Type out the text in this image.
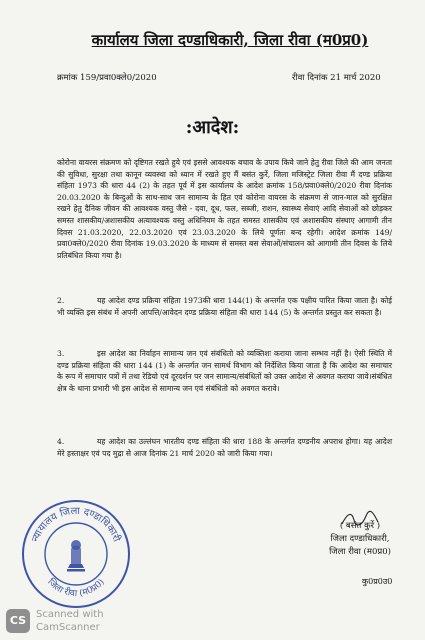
कार्यालय जिला दण्डाधिकारी, जिला रीवा (म0प्र0)
क्रमांक 159/प्रवा0क्ले0/2020	रीवा दिनांक 21 मार्च 2020
:आदेश:
कोरोना वायरस संक्रमण को दृष्टिगत रखते हुये एवं इससे आवश्यक बचाव के उपाय किये जाने हेतु रीवा जिले की आम जनता की सुविधा, सुरक्षा तथा कानून व्यवस्था को ध्यान में रखते हुए मैं बसंत कुर्रे, जिला मजिस्ट्रेट जिला रीवा मैं दण्ड प्रक्रिया संहिता 1973 की धारा 44 (2) के तहत पूर्व में इस कार्यालय के आदेश क्रमांक 158/प्रवा0क्ले0/2020 रीवा दिनांक 20.03.2020 के बिन्दुओं के साथ-साथ जन सामान्य के हित एवं कोरोना वायरस के संक्रमण से जान-माल को सुरक्षित रखने हेतु दैनिक जीवन की आवश्यक वस्तु जैसे - दवा, दूध, फल, सब्जी, राशन, स्वास्थ्य सेवाएं आदि सेवाओं को छोड़कर समस्त शासकीय/अशासकीय अत्यावश्यक वस्तु अधिनियम के तहत समस्त शासकीय एवं अशासकीय संस्थाए आगामी तीन दिवस 21.03.2020, 22.03.2020 एवं 23.03.2020 के लिये पूर्णतः बन्द रहेगी। आदेश क्रमांक 149/प्रवा0क्ले0/2020 रीवा दिनांक 19.03.2020 के माध्यम से समस्त बस सेवाओं/संचालन को आगामी तीन दिवस के लिये प्रतिबंधित किया गया है।
2.	यह आदेश दण्ड प्रक्रिया संहिता 1973की धारा 144(1) के अन्तर्गत एक पक्षीय पारित किया जाता है। कोई भी व्यक्ति इस संबंध में अपनी आपत्ति/आवेदन दण्ड प्रक्रिया संहिता की धारा 144 (5) के अन्तर्गत प्रस्तुत कर सकता है।
3.	इस आदेश का निर्वाहन सामान्य जन एवं संबंधितो को व्यक्तिशः कराया जाना सम्भव नहीं है। ऐसी स्थिति में दण्ड प्रक्रिया संहिता की धारा 144 (1) के अन्तर्गत जन सामर्थ विभाग को निर्देशित किया जाता है कि आदेश का समाचार के रूप में समाचार पत्रों में तथा रेडियो एवं दूरदर्शन पर जन सामान्य/संबंधितों को उक्त आदेश से अवगत कराया जावे।संबंधित क्षेत्र के थाना प्रभारी भी इस आदेश से सामान्य जन एवं संबंधितो को अवगत करावे।
4.	यह आदेश का उल्लंघन भारतीय दण्ड संहिता की धारा 188 के अन्तर्गत दण्डनीय अपराध होगा। यह आदेश मेरे हस्ताक्षर एवं पद मुद्रा से आज दिनांक 21 मार्च 2020 को जारी किया गया।
( बसंत कुर्रे )
जिला दण्डाधिकारी,
जिला रीवा (म0प्र0)
कु0प्र0उ0
न्यायालय जिला दण्डाधिकारी
जिला रीवा (म0प्र0)
CS Scanned with
CamScanner
